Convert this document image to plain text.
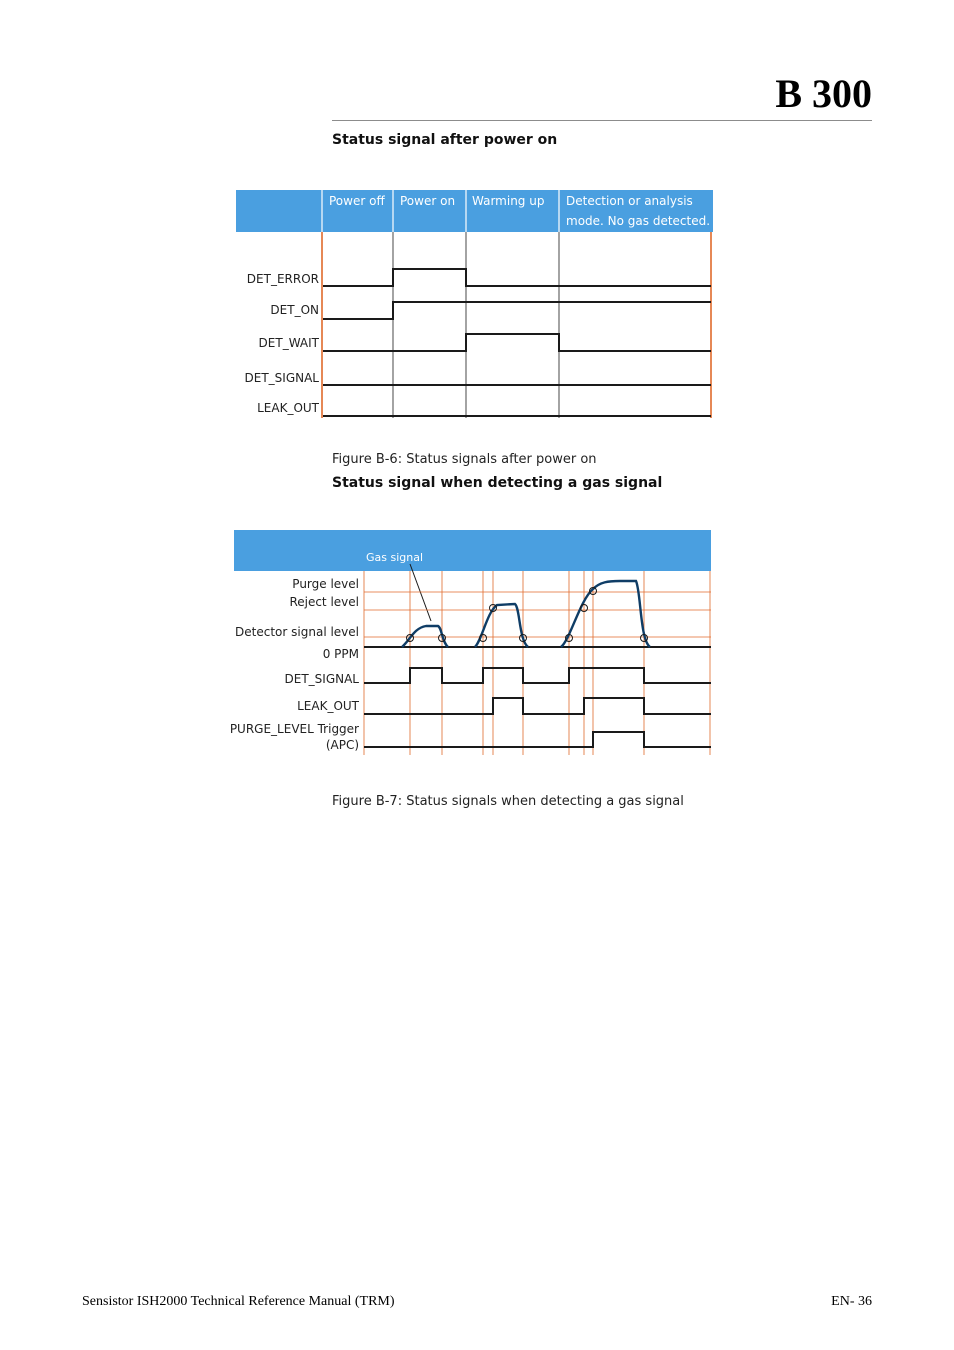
B 300
Status signal after power on
Power off Power on Warming up Detection or analysis
mode. No gas detected.
DET_ERROR
DET_ON
DET_WAIT
DET_SIGNAL
LEAK_OUT
Figure B-6: Status signals after power on
Status signal when detecting a gas signal
Gas signal
Purge level
Reject level
Detector signal level
0 PPM
DET_SIGNAL
LEAK_OUT
PURGE_LEVEL Trigger
(APC)
Figure B-7: Status signals when detecting a gas signal
Sensistor ISH2000 Technical Reference Manual (TRM)	EN- 36
